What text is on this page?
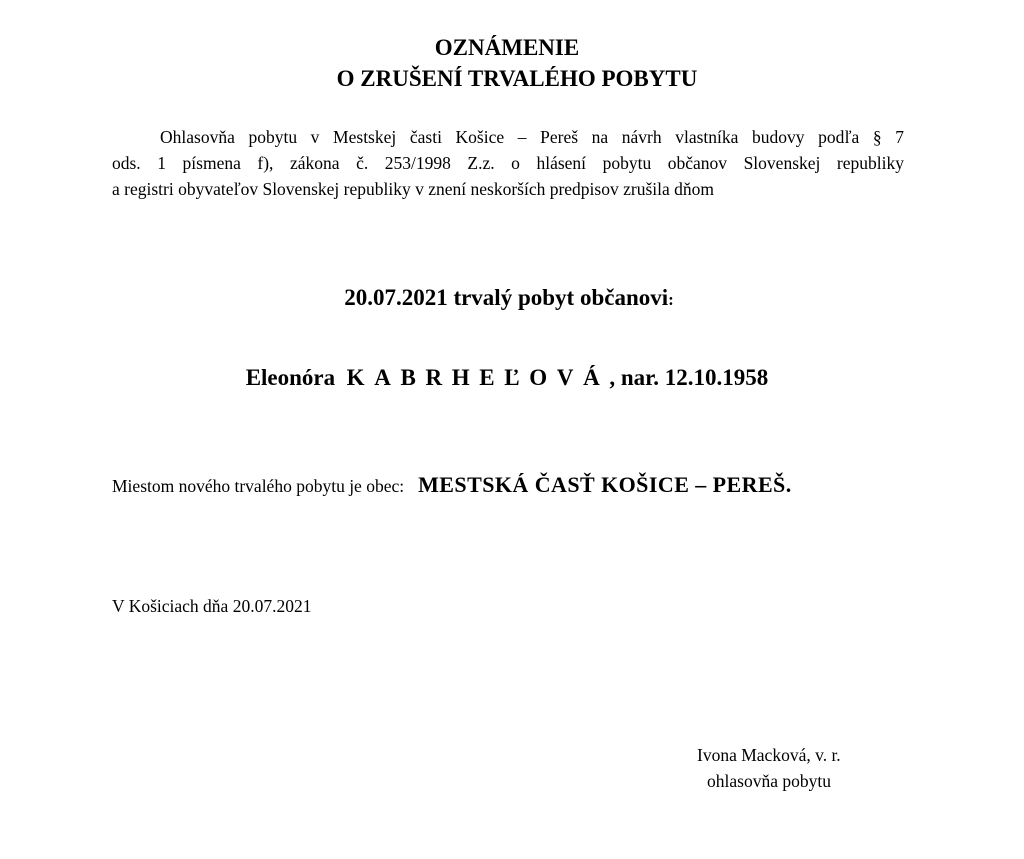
OZNÁMENIE
O ZRUŠENÍ TRVALÉHO POBYTU
Ohlasovňa pobytu v Mestskej časti Košice – Pereš na návrh vlastníka budovy podľa § 7
ods. 1 písmena f), zákona č. 253/1998 Z.z. o hlásení pobytu občanov Slovenskej republiky
a registri obyvateľov Slovenskej republiky v znení neskorších predpisov zrušila dňom
20.07.2021 trvalý pobyt občanovi:
Eleonóra KABRHEĽOVÁ, nar. 12.10.1958
Miestom nového trvalého pobytu je obec: MESTSKÁ ČASŤ KOŠICE – PEREŠ.
V Košiciach dňa 20.07.2021
Ivona Macková, v. r.
ohlasovňa pobytu
